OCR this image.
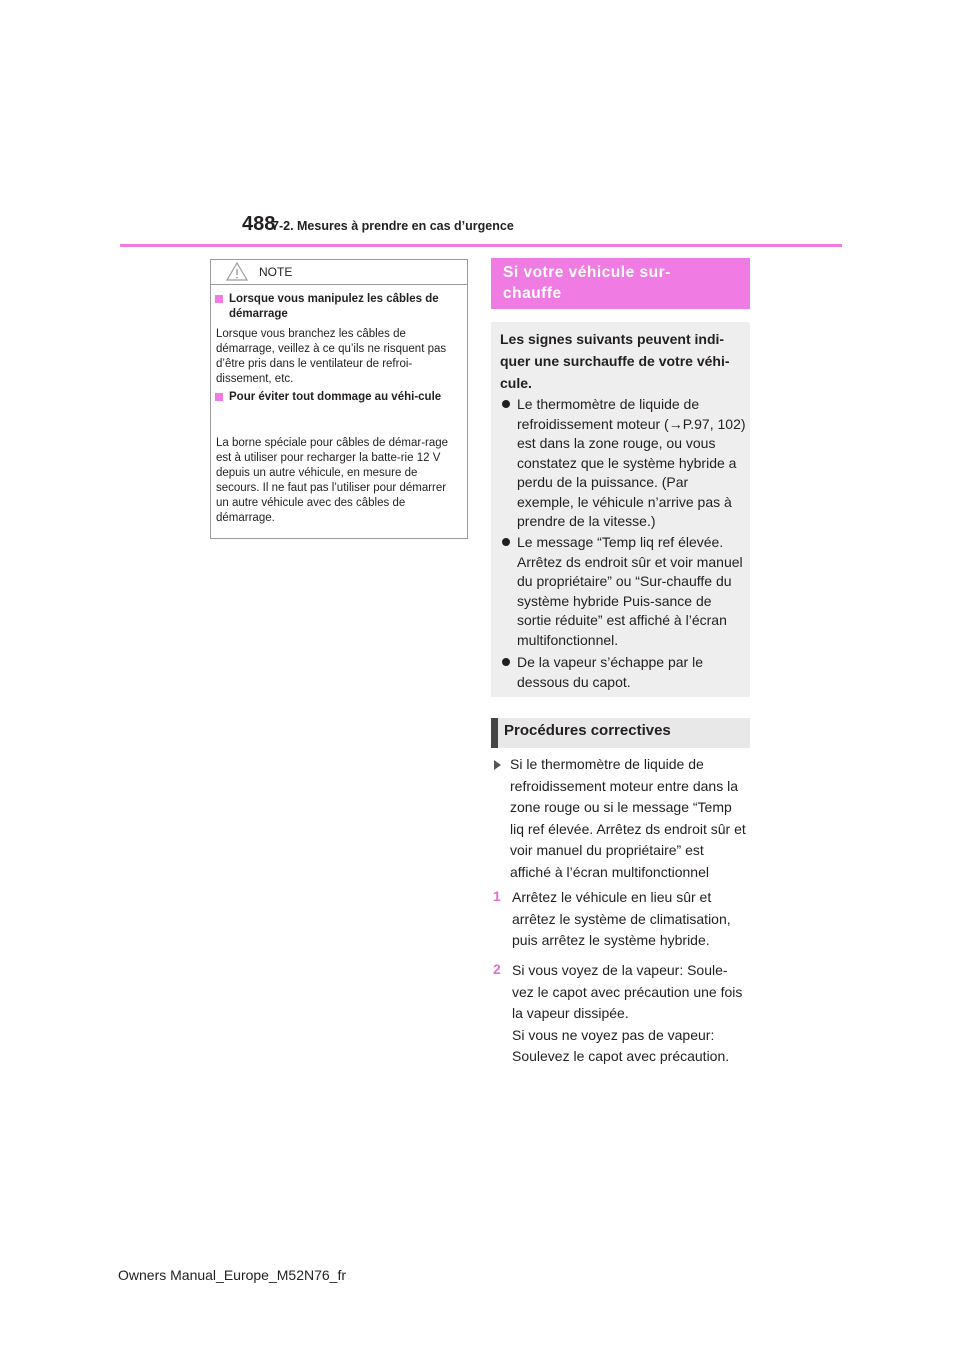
488
7-2. Mesures à prendre en cas d’urgence
NOTE
Lorsque vous manipulez les câbles de démarrage
Lorsque vous branchez les câbles de démarrage, veillez à ce qu’ils ne risquent pas d’être pris dans le ventilateur de refroi-dissement, etc.
Pour éviter tout dommage au véhi-cule
La borne spéciale pour câbles de démar-rage est à utiliser pour recharger la batte-rie 12 V depuis un autre véhicule, en mesure de secours. Il ne faut pas l’utiliser pour démarrer un autre véhicule avec des câbles de démarrage.
Si votre véhicule sur-
chauffe
Les signes suivants peuvent indi-quer une surchauffe de votre véhi-cule.
Le thermomètre de liquide de refroidissement moteur (→P.97, 102) est dans la zone rouge, ou vous constatez que le système hybride a perdu de la puissance. (Par exemple, le véhicule n’arrive pas à prendre de la vitesse.)
Le message “Temp liq ref élevée. Arrêtez ds endroit sûr et voir manuel du propriétaire” ou “Sur-chauffe du système hybride Puis-sance de sortie réduite” est affiché à l’écran multifonctionnel.
De la vapeur s’échappe par le dessous du capot.
Procédures correctives
Si le thermomètre de liquide de refroidissement moteur entre dans la zone rouge ou si le message “Temp liq ref élevée. Arrêtez ds endroit sûr et voir manuel du propriétaire” est affiché à l’écran multifonctionnel
1 Arrêtez le véhicule en lieu sûr et arrêtez le système de climatisation, puis arrêtez le système hybride.
2 Si vous voyez de la vapeur: Soule-vez le capot avec précaution une fois la vapeur dissipée.
Si vous ne voyez pas de vapeur: Soulevez le capot avec précaution.
Owners Manual_Europe_M52N76_fr
